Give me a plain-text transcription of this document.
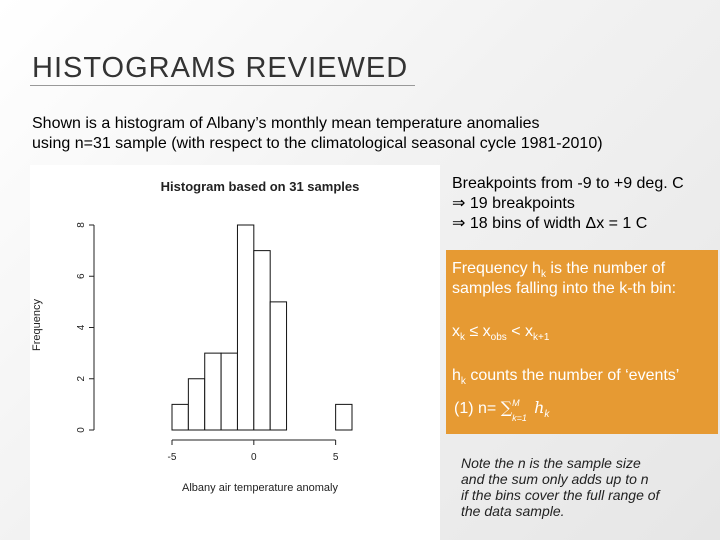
HISTOGRAMS REVIEWED

Shown is a histogram of Albany’s monthly mean temperature anomalies

using n=31 sample (with respect to the climatological seasonal cycle 1981-2010)

Histogram based on 31 samples
Frequency
Albany air temperature anomaly
0
2
4
6
8
-5	0	5

Breakpoints from -9 to +9 deg. C

⇒ 19 breakpoints

⇒ 18 bins of width Δx = 1 C

Frequency $h_k$ is the number of
samples falling into the k-th bin:
$x_k \le x_{obs} < x_{k+1}$
$h_k$ counts the number of ‘events’
(1) n= ∑ M
k=1
$h_k$
Note the n is the sample size
and the sum only adds up to n
if the bins cover the full range of
the data sample.
